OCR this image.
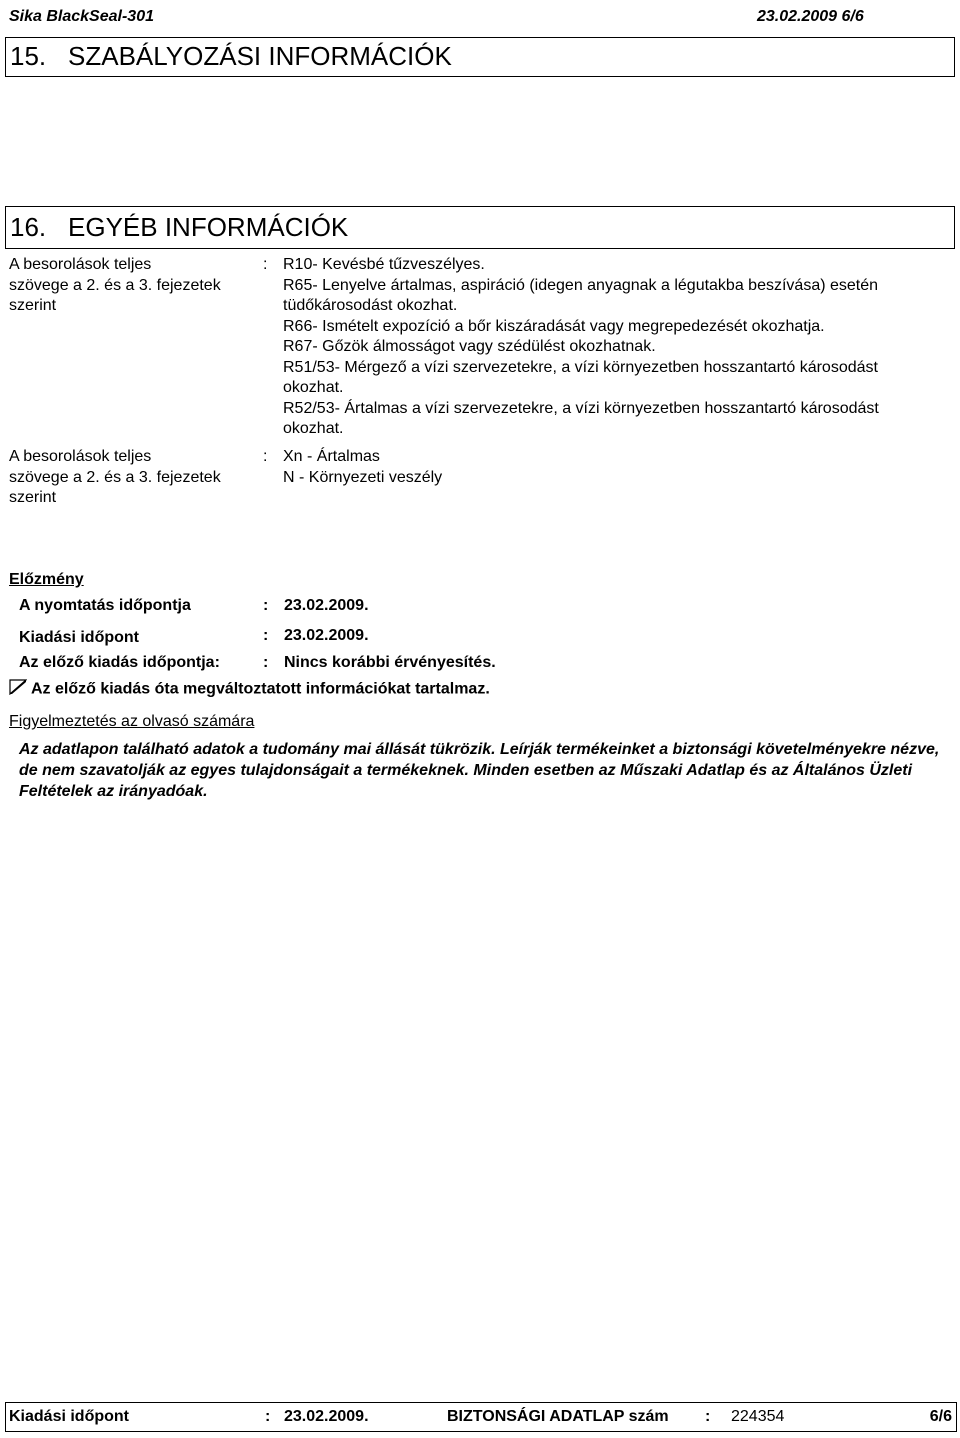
Sika BlackSeal-301	23.02.2009 6/6
15. SZABÁLYOZÁSI INFORMÁCIÓK
16. EGYÉB INFORMÁCIÓK
A besorolások teljes
szövege a 2. és a 3. fejezetek
szerint
: R10- Kevésbé tűzveszélyes.
R65- Lenyelve ártalmas, aspiráció (idegen anyagnak a légutakba beszívása) esetén
tüdőkárosodást okozhat.
R66- Ismételt expozíció a bőr kiszáradását vagy megrepedezését okozhatja.
R67- Gőzök álmosságot vagy szédülést okozhatnak.
R51/53- Mérgező a vízi szervezetekre, a vízi környezetben hosszantartó károsodást
okozhat.
R52/53- Ártalmas a vízi szervezetekre, a vízi környezetben hosszantartó károsodást
okozhat.
A besorolások teljes
szövege a 2. és a 3. fejezetek
szerint
: Xn - Ártalmas
N - Környezeti veszély
Előzmény
A nyomtatás időpontja	: 23.02.2009.
Kiadási időpont	: 23.02.2009.
Az előző kiadás időpontja:	: Nincs korábbi érvényesítés.
Az előző kiadás óta megváltoztatott információkat tartalmaz.
Figyelmeztetés az olvasó számára
Az adatlapon található adatok a tudomány mai állását tükrözik. Leírják termékeinket a biztonsági követelményekre nézve, de nem szavatolják az egyes tulajdonságait a termékeknek. Minden esetben az Műszaki Adatlap és az Általános Üzleti Feltételek az irányadóak.
Kiadási időpont	: 23.02.2009.	BIZTONSÁGI ADATLAP szám : 224354	6/6
